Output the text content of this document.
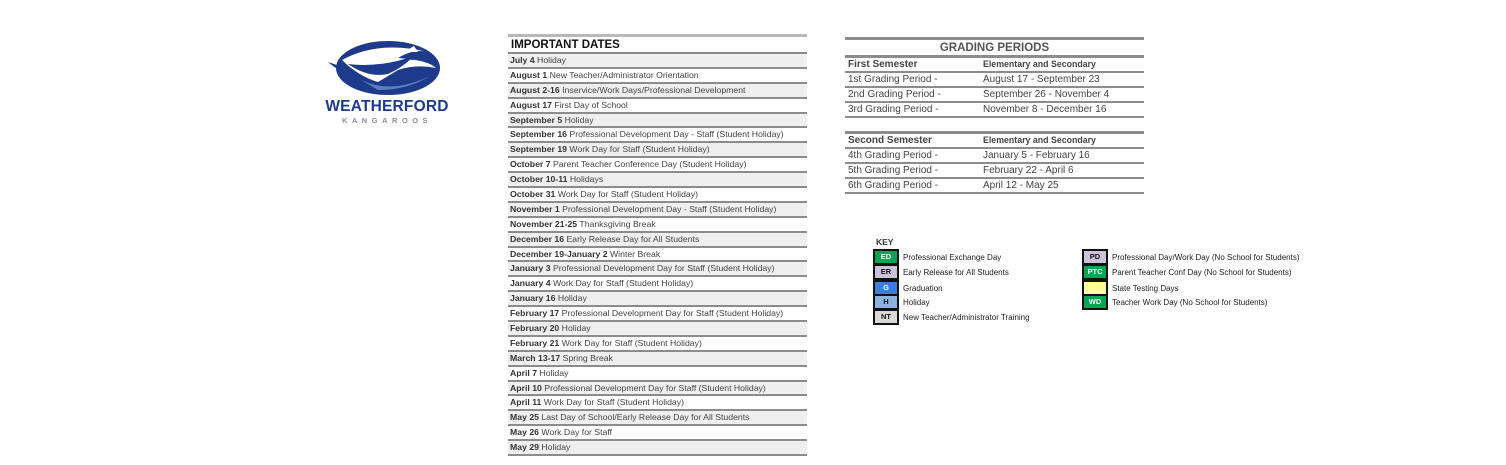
WEATHERFORD
KANGAROOS
IMPORTANT DATES
July 4 Holiday
August 1 New Teacher/Administrator Orientation
August 2-16 Inservice/Work Days/Professional Development
August 17 First Day of School
September 5 Holiday
September 16 Professional Development Day - Staff (Student Holiday)
September 19 Work Day for Staff (Student Holiday)
October 7 Parent Teacher Conference Day (Student Holiday)
October 10-11 Holidays
October 31 Work Day for Staff (Student Holiday)
November 1 Professional Development Day - Staff (Student Holiday)
November 21-25 Thanksgiving Break
December 16 Early Release Day for All Students
December 19-January 2 Winter Break
January 3 Professional Development Day for Staff (Student Holiday)
January 4 Work Day for Staff (Student Holiday)
January 16 Holiday
February 17 Professional Development Day for Staff (Student Holiday)
February 20 Holiday
February 21 Work Day for Staff (Student Holiday)
March 13-17 Spring Break
April 7 Holiday
April 10 Professional Development Day for Staff (Student Holiday)
April 11 Work Day for Staff (Student Holiday)
May 25 Last Day of School/Early Release Day for All Students
May 26 Work Day for Staff
May 29 Holiday
GRADING PERIODS
First Semester	Elementary and Secondary
1st Grading Period -	August 17 - September 23
2nd Grading Period -	September 26 - November 4
3rd Grading Period -	November 8 - December 16
Second Semester	Elementary and Secondary
4th Grading Period -	January 5 - February 16
5th Grading Period -	February 22 - April 6
6th Grading Period -	April 12 - May 25
KEY
ED	Professional Exchange Day
ER	Early Release for All Students
G	Graduation
H	Holiday
NT	New Teacher/Administrator Training
PD	Professional Day/Work Day (No School for Students)
PTC	Parent Teacher Conf Day (No School for Students)
State Testing Days
WD	Teacher Work Day (No School for Students)
